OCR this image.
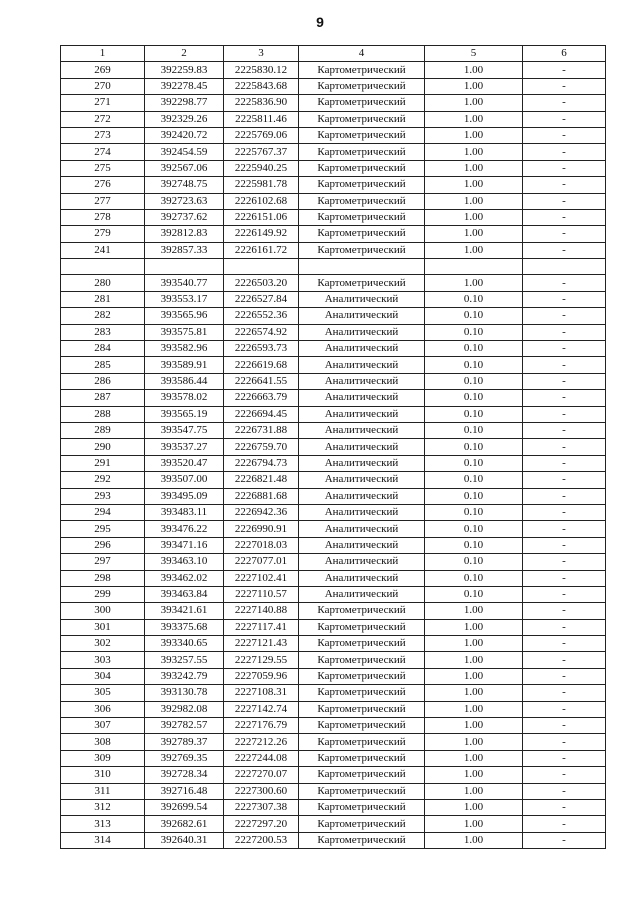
9
1	2	3	4	5	6
269	392259.83	2225830.12	Картометрический	1.00	-
270	392278.45	2225843.68	Картометрический	1.00	-
271	392298.77	2225836.90	Картометрический	1.00	-
272	392329.26	2225811.46	Картометрический	1.00	-
273	392420.72	2225769.06	Картометрический	1.00	-
274	392454.59	2225767.37	Картометрический	1.00	-
275	392567.06	2225940.25	Картометрический	1.00	-
276	392748.75	2225981.78	Картометрический	1.00	-
277	392723.63	2226102.68	Картометрический	1.00	-
278	392737.62	2226151.06	Картометрический	1.00	-
279	392812.83	2226149.92	Картометрический	1.00	-
241	392857.33	2226161.72	Картометрический	1.00	-

280	393540.77	2226503.20	Картометрический	1.00	-
281	393553.17	2226527.84	Аналитический	0.10	-
282	393565.96	2226552.36	Аналитический	0.10	-
283	393575.81	2226574.92	Аналитический	0.10	-
284	393582.96	2226593.73	Аналитический	0.10	-
285	393589.91	2226619.68	Аналитический	0.10	-
286	393586.44	2226641.55	Аналитический	0.10	-
287	393578.02	2226663.79	Аналитический	0.10	-
288	393565.19	2226694.45	Аналитический	0.10	-
289	393547.75	2226731.88	Аналитический	0.10	-
290	393537.27	2226759.70	Аналитический	0.10	-
291	393520.47	2226794.73	Аналитический	0.10	-
292	393507.00	2226821.48	Аналитический	0.10	-
293	393495.09	2226881.68	Аналитический	0.10	-
294	393483.11	2226942.36	Аналитический	0.10	-
295	393476.22	2226990.91	Аналитический	0.10	-
296	393471.16	2227018.03	Аналитический	0.10	-
297	393463.10	2227077.01	Аналитический	0.10	-
298	393462.02	2227102.41	Аналитический	0.10	-
299	393463.84	2227110.57	Аналитический	0.10	-
300	393421.61	2227140.88	Картометрический	1.00	-
301	393375.68	2227117.41	Картометрический	1.00	-
302	393340.65	2227121.43	Картометрический	1.00	-
303	393257.55	2227129.55	Картометрический	1.00	-
304	393242.79	2227059.96	Картометрический	1.00	-
305	393130.78	2227108.31	Картометрический	1.00	-
306	392982.08	2227142.74	Картометрический	1.00	-
307	392782.57	2227176.79	Картометрический	1.00	-
308	392789.37	2227212.26	Картометрический	1.00	-
309	392769.35	2227244.08	Картометрический	1.00	-
310	392728.34	2227270.07	Картометрический	1.00	-
311	392716.48	2227300.60	Картометрический	1.00	-
312	392699.54	2227307.38	Картометрический	1.00	-
313	392682.61	2227297.20	Картометрический	1.00	-
314	392640.31	2227200.53	Картометрический	1.00	-
